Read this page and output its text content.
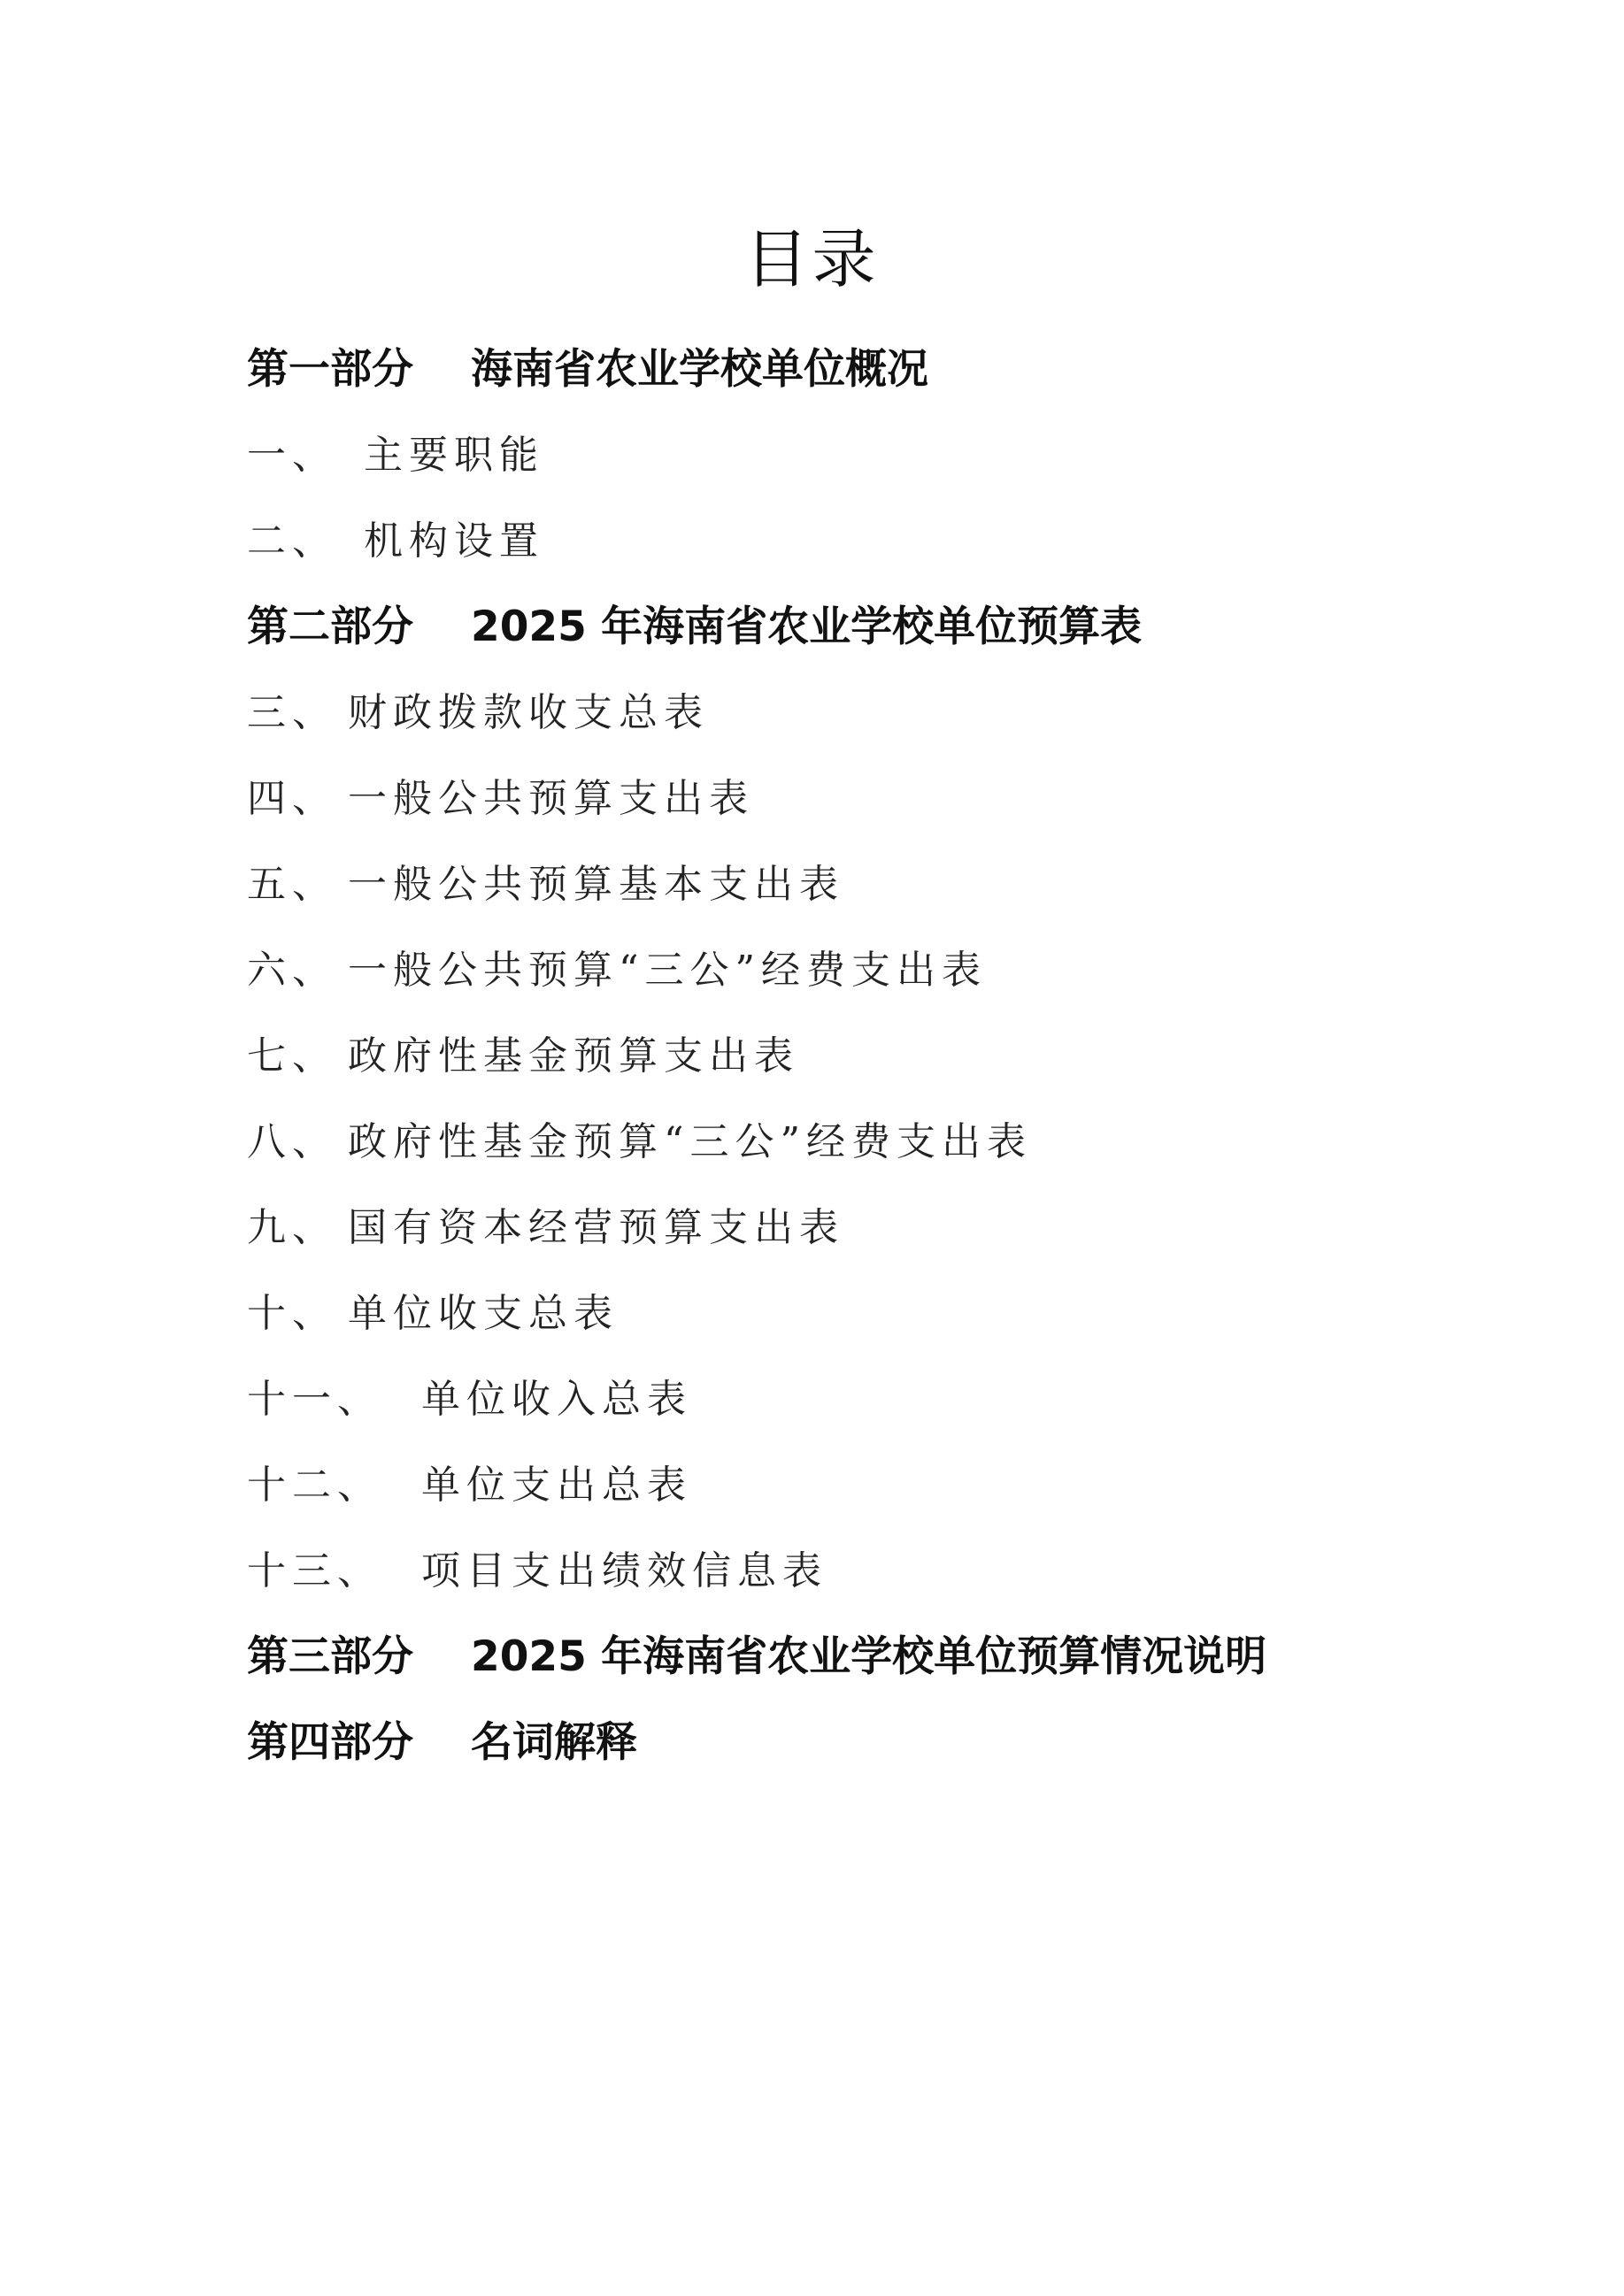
目录
第一部分 海南省农业学校单位概况
一、 主要职能
二、 机构设置
第二部分 2025 年海南省农业学校单位预算表
三、 财政拨款收支总表
四、 一般公共预算支出表
五、 一般公共预算基本支出表
六、 一般公共预算“三公”经费支出表
七、 政府性基金预算支出表
八、 政府性基金预算“三公”经费支出表
九、 国有资本经营预算支出表
十、 单位收支总表
十一、 单位收入总表
十二、 单位支出总表
十三、 项目支出绩效信息表
第三部分 2025 年海南省农业学校单位预算情况说明
第四部分 名词解释
